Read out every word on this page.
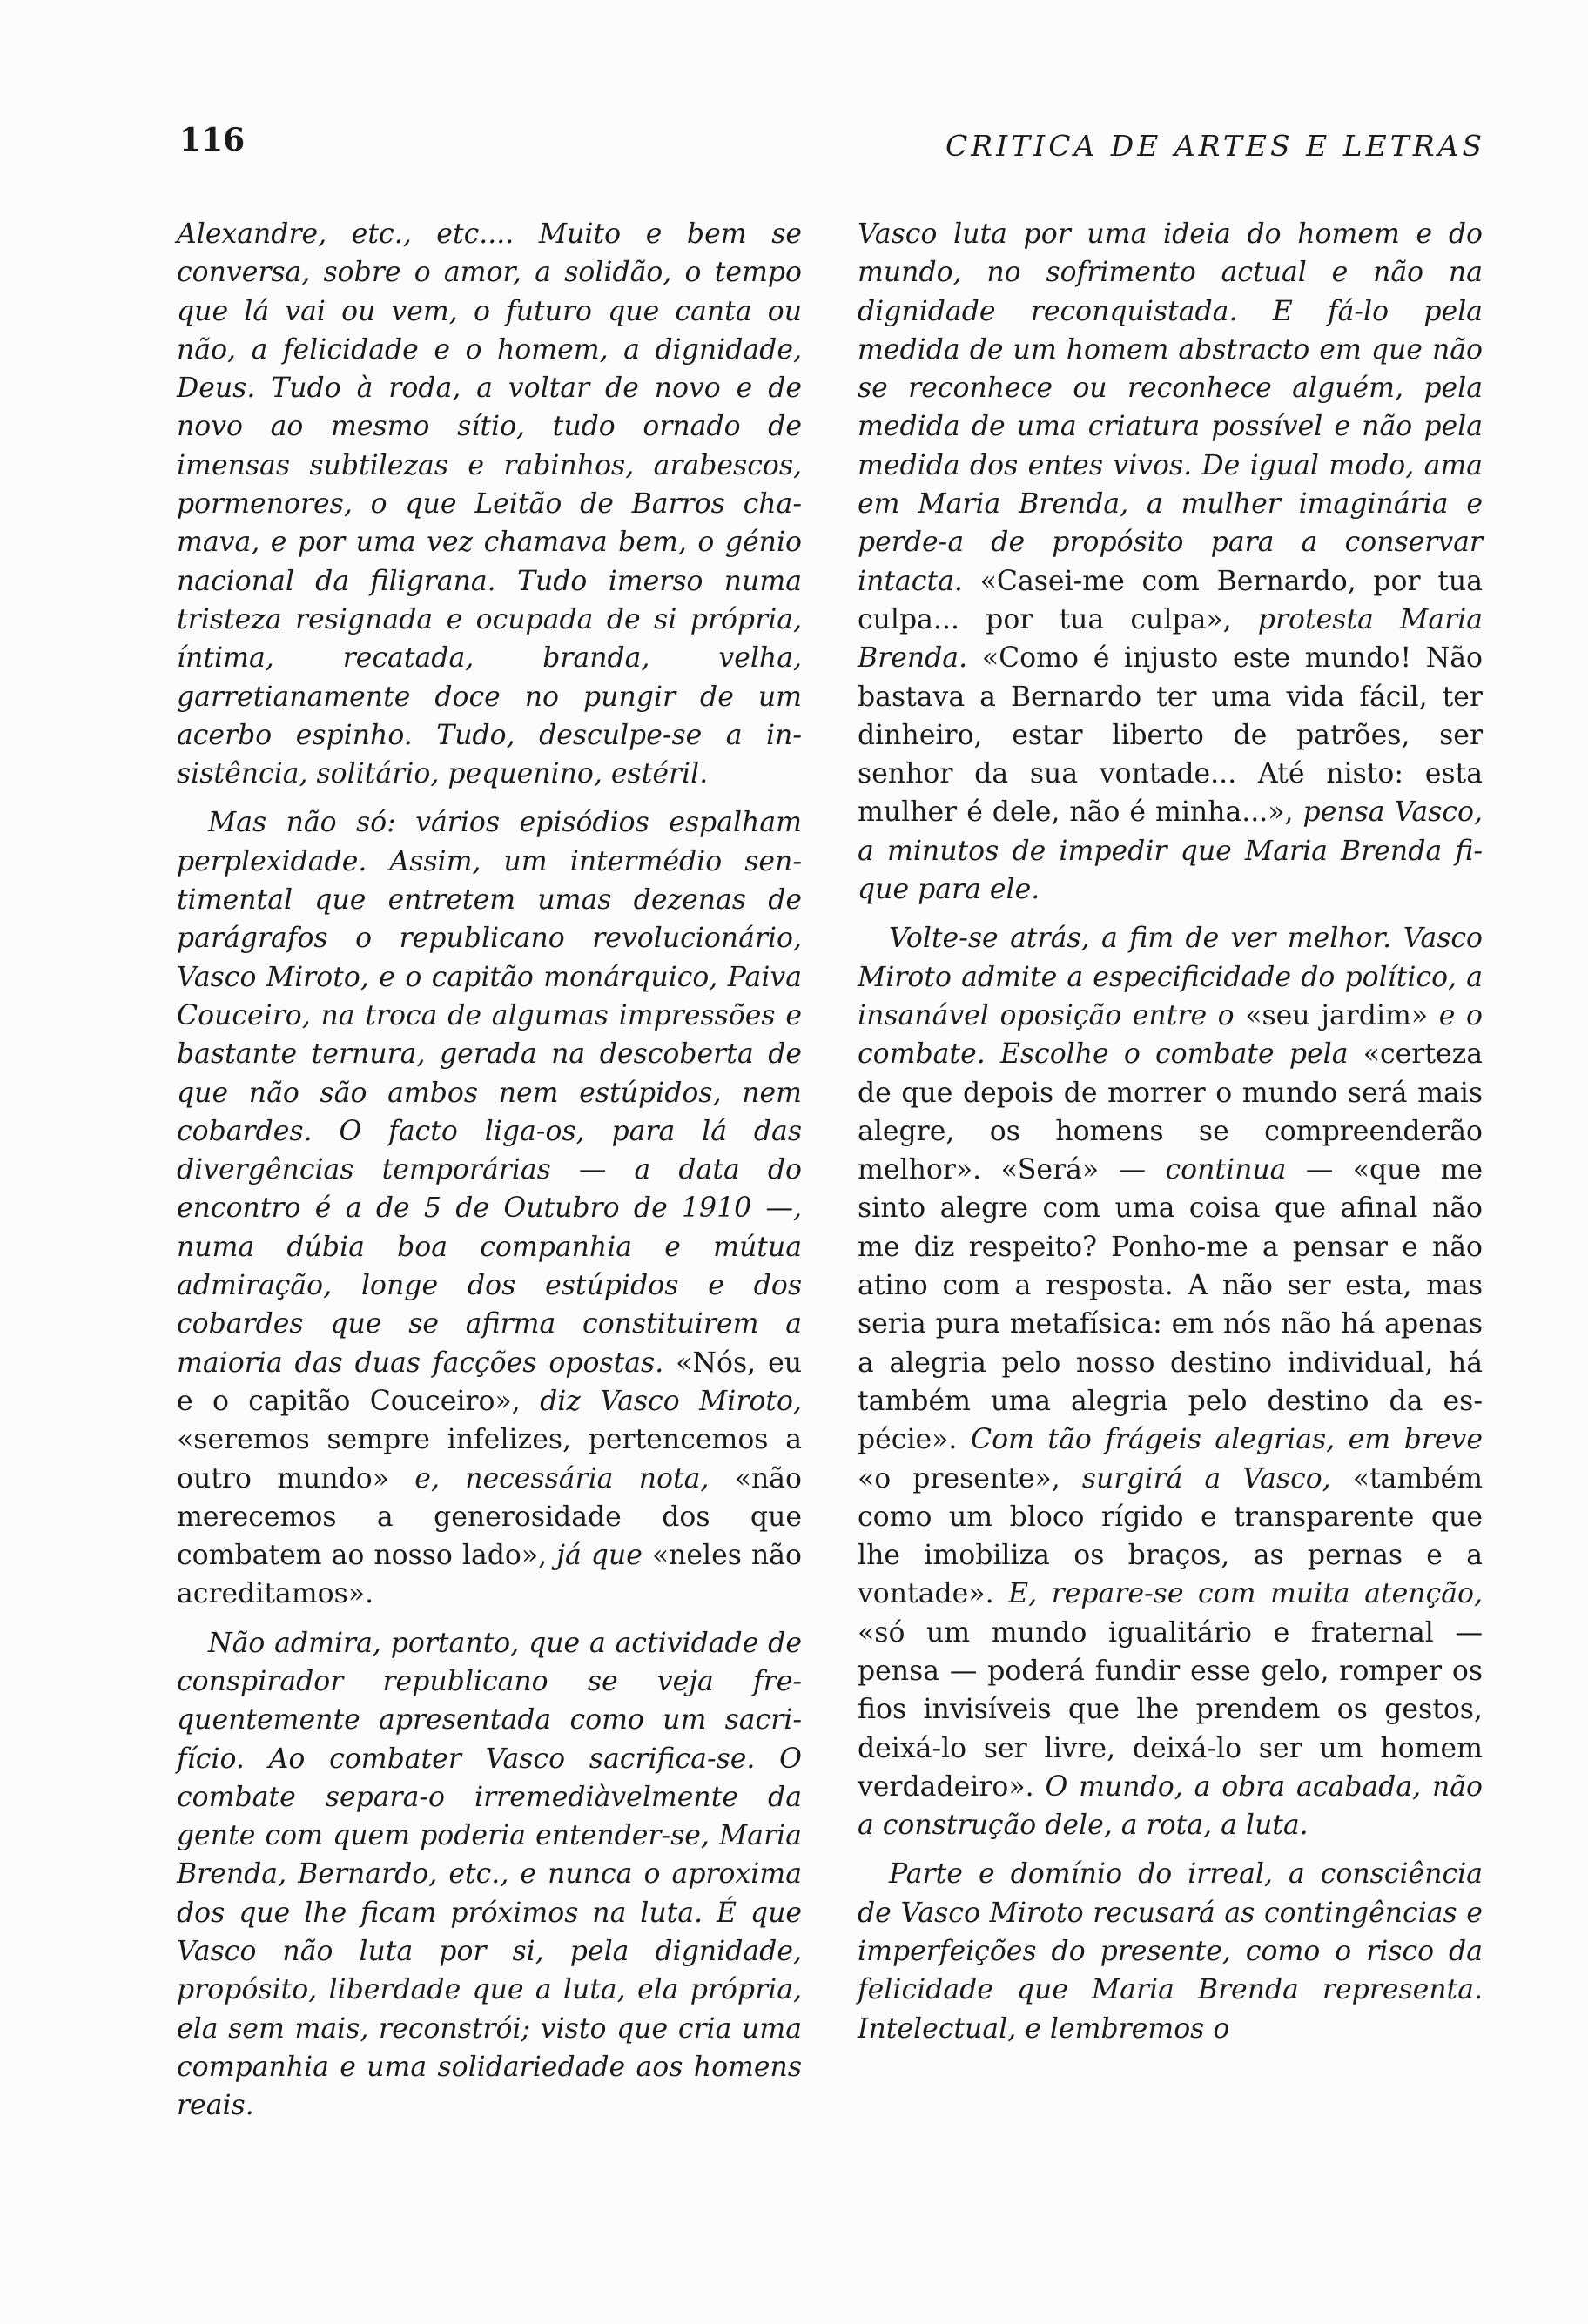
116	CRITICA DE ARTES E LETRAS

Alexandre, etc., etc.... Muito e bem se conversa, sobre o amor, a solidão, o tempo que lá vai ou vem, o futuro que canta ou não, a felicidade e o homem, a dignidade, Deus. Tudo à roda, a voltar de novo e de novo ao mesmo sítio, tudo ornado de imensas subtilezas e rabinhos, arabescos, pormenores, o que Leitão de Barros chamava, e por uma vez chamava bem, o génio nacional da filigrana. Tudo imerso numa tristeza resignada e ocupada de si própria, íntima, recatada, branda, velha, garretianamente doce no pungir de um acerbo espinho. Tudo, desculpe-se a insistência, solitário, pequenino, estéril.

Mas não só: vários episódios espalham perplexidade. Assim, um intermédio sentimental que entretem umas dezenas de parágrafos o republicano revolucionário, Vasco Miroto, e o capitão monárquico, Paiva Couceiro, na troca de algumas impressões e bastante ternura, gerada na descoberta de que não são ambos nem estúpidos, nem cobardes. O facto liga-os, para lá das divergências temporárias — a data do encontro é a de 5 de Outubro de 1910 —, numa dúbia boa companhia e mútua admiração, longe dos estúpidos e dos cobardes que se afirma constituirem a maioria das duas facções opostas. «Nós, eu e o capitão Couceiro», diz Vasco Miroto, «seremos sempre infelizes, pertencemos a outro mundo» e, necessária nota, «não merecemos a generosidade dos que combatem ao nosso lado», já que «neles não acreditamos».

Não admira, portanto, que a actividade de conspirador republicano se veja frequentemente apresentada como um sacrifício. Ao combater Vasco sacrifica-se. O combate separa-o irremediàvelmente da gente com quem poderia entender-se, Maria Brenda, Bernardo, etc., e nunca o aproxima dos que lhe ficam próximos na luta. É que Vasco não luta por si, pela dignidade, propósito, liberdade que a luta, ela própria, ela sem mais, reconstrói; visto que cria uma companhia e uma solidariedade aos homens reais.

Vasco luta por uma ideia do homem e do mundo, no sofrimento actual e não na dignidade reconquistada. E fá-lo pela medida de um homem abstracto em que não se reconhece ou reconhece alguém, pela medida de uma criatura possível e não pela medida dos entes vivos. De igual modo, ama em Maria Brenda, a mulher imaginária e perde-a de propósito para a conservar intacta. «Casei-me com Bernardo, por tua culpa... por tua culpa», protesta Maria Brenda. «Como é injusto este mundo! Não bastava a Bernardo ter uma vida fácil, ter dinheiro, estar liberto de patrões, ser senhor da sua vontade... Até nisto: esta mulher é dele, não é minha...», pensa Vasco, a minutos de impedir que Maria Brenda fique para ele.

Volte-se atrás, a fim de ver melhor. Vasco Miroto admite a especificidade do político, a insanável oposição entre o «seu jardim» e o combate. Escolhe o combate pela «certeza de que depois de morrer o mundo será mais alegre, os homens se compreenderão melhor». «Será» — continua — «que me sinto alegre com uma coisa que afinal não me diz respeito? Ponho-me a pensar e não atino com a resposta. A não ser esta, mas seria pura metafísica: em nós não há apenas a alegria pelo nosso destino individual, há também uma alegria pelo destino da espécie». Com tão frágeis alegrias, em breve «o presente», surgirá a Vasco, «também como um bloco rígido e transparente que lhe imobiliza os braços, as pernas e a vontade». E, repare-se com muita atenção, «só um mundo igualitário e fraternal — pensa — poderá fundir esse gelo, romper os fios invisíveis que lhe prendem os gestos, deixá-lo ser livre, deixá-lo ser um homem verdadeiro». O mundo, a obra acabada, não a construção dele, a rota, a luta.

Parte e domínio do irreal, a consciência de Vasco Miroto recusará as contingências e imperfeições do presente, como o risco da felicidade que Maria Brenda representa. Intelectual, e lembremos o
